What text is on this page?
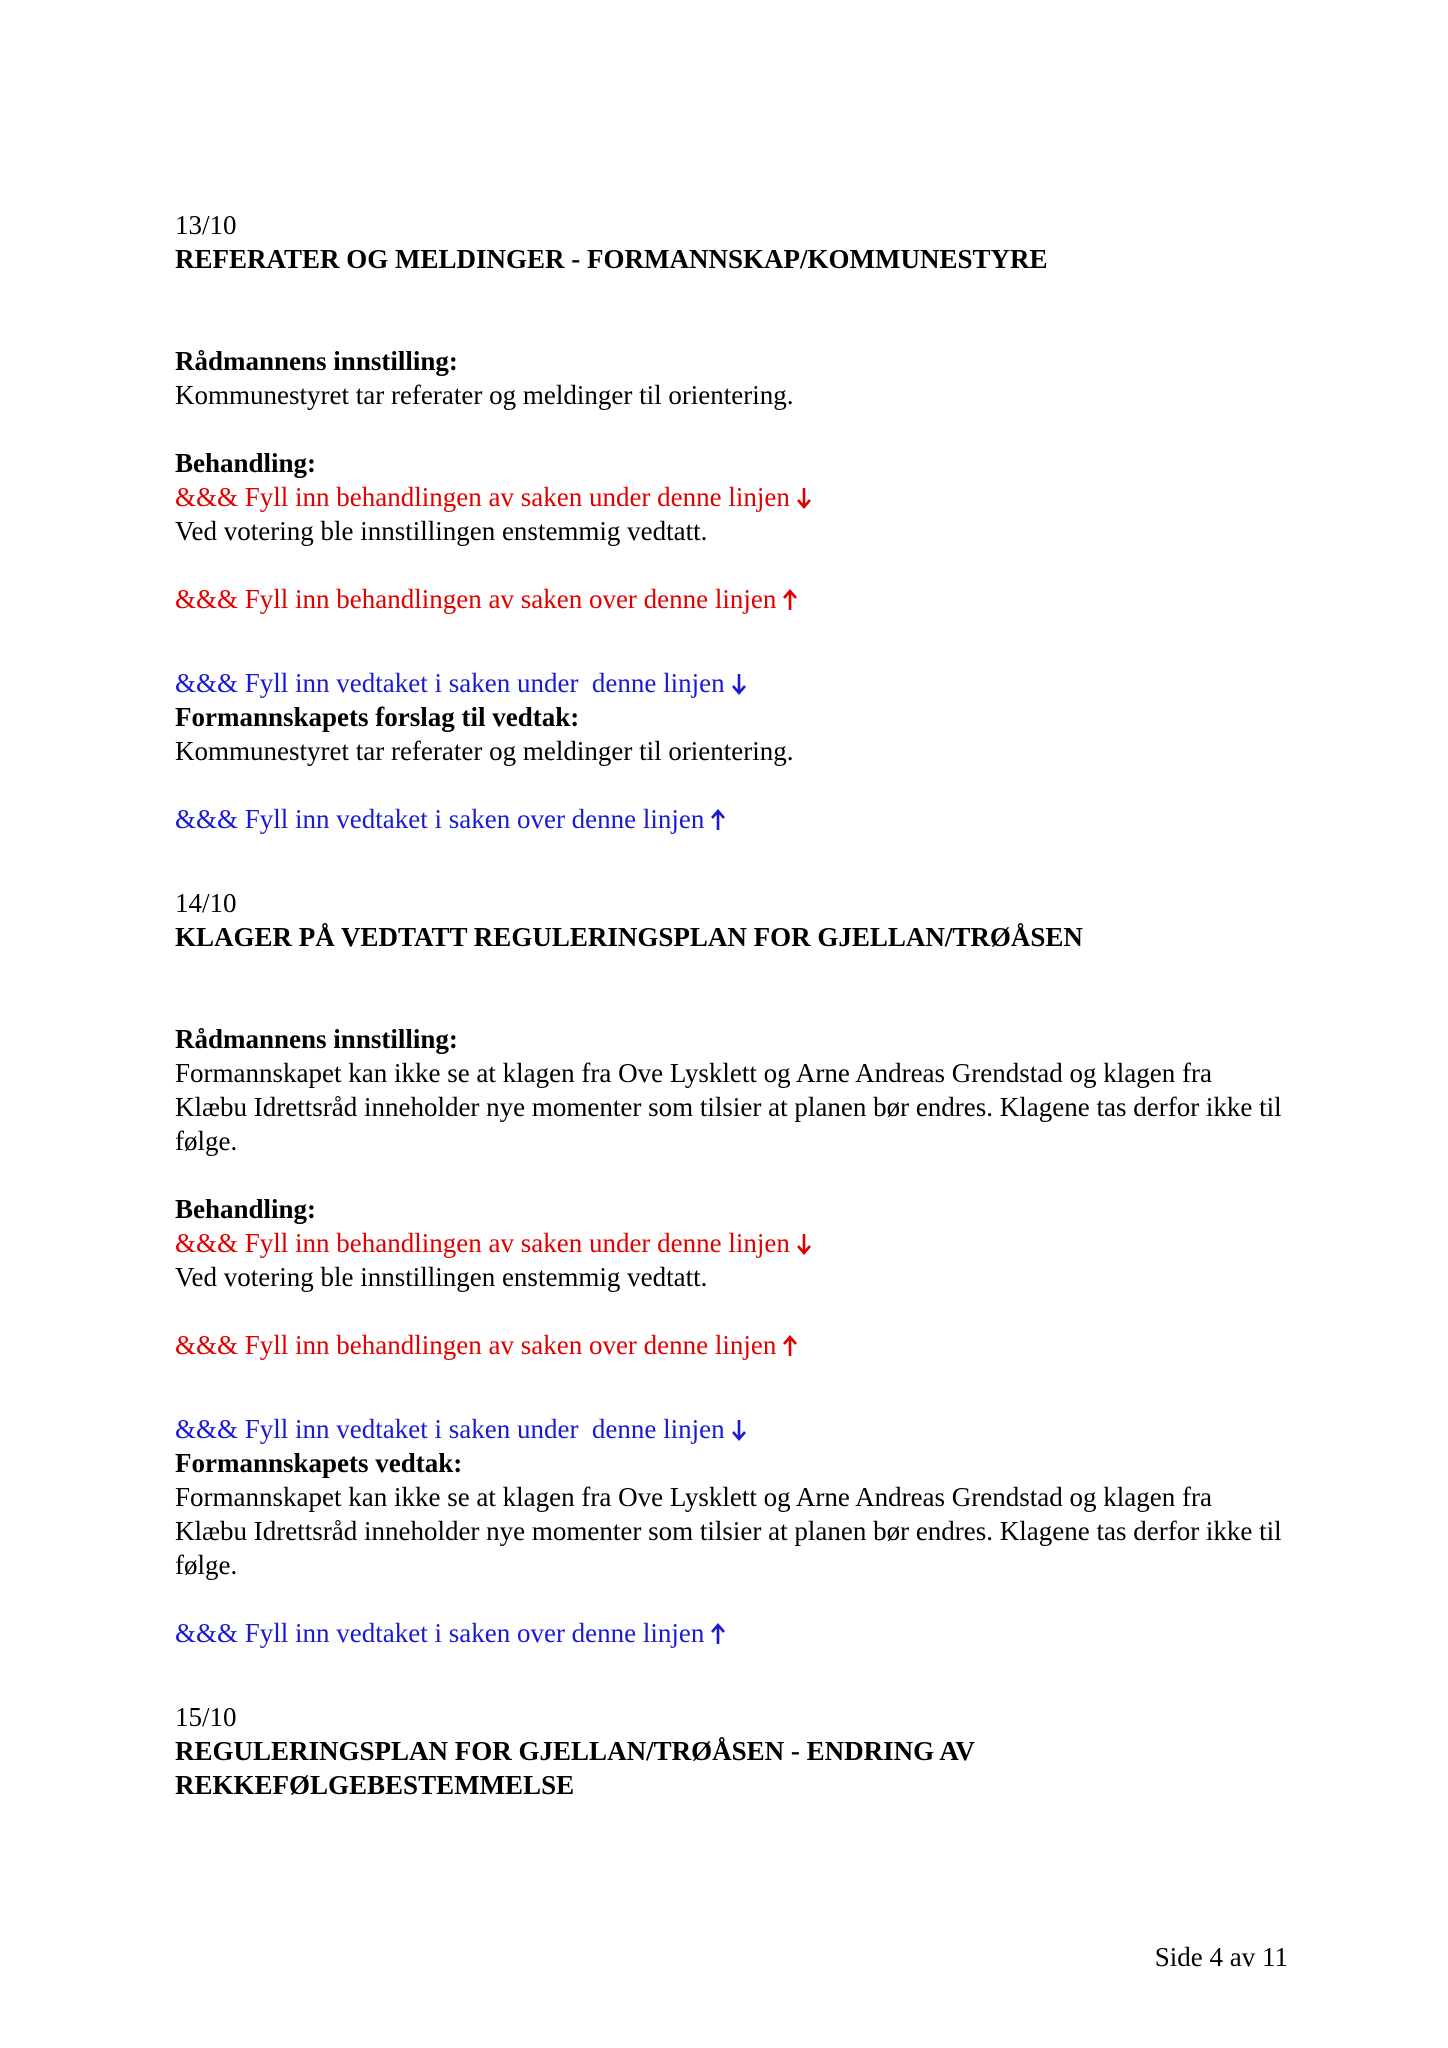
13/10
REFERATER OG MELDINGER - FORMANNSKAP/KOMMUNESTYRE
Rådmannens innstilling:
Kommunestyret tar referater og meldinger til orientering.
Behandling:
&&& Fyll inn behandlingen av saken under denne linjen
Ved votering ble innstillingen enstemmig vedtatt.
&&& Fyll inn behandlingen av saken over denne linjen
&&& Fyll inn vedtaket i saken under  denne linjen
Formannskapets forslag til vedtak:
Kommunestyret tar referater og meldinger til orientering.
&&& Fyll inn vedtaket i saken over denne linjen
14/10
KLAGER PÅ VEDTATT REGULERINGSPLAN FOR GJELLAN/TRØÅSEN
Rådmannens innstilling:
Formannskapet kan ikke se at klagen fra Ove Lysklett og Arne Andreas Grendstad og klagen fra Klæbu Idrettsråd inneholder nye momenter som tilsier at planen bør endres. Klagene tas derfor ikke til følge.
Behandling:
&&& Fyll inn behandlingen av saken under denne linjen
Ved votering ble innstillingen enstemmig vedtatt.
&&& Fyll inn behandlingen av saken over denne linjen
&&& Fyll inn vedtaket i saken under  denne linjen
Formannskapets vedtak:
Formannskapet kan ikke se at klagen fra Ove Lysklett og Arne Andreas Grendstad og klagen fra Klæbu Idrettsråd inneholder nye momenter som tilsier at planen bør endres. Klagene tas derfor ikke til følge.
&&& Fyll inn vedtaket i saken over denne linjen
15/10
REGULERINGSPLAN FOR GJELLAN/TRØÅSEN - ENDRING AV REKKEFØLGEBESTEMMELSE
Side 4 av 11
